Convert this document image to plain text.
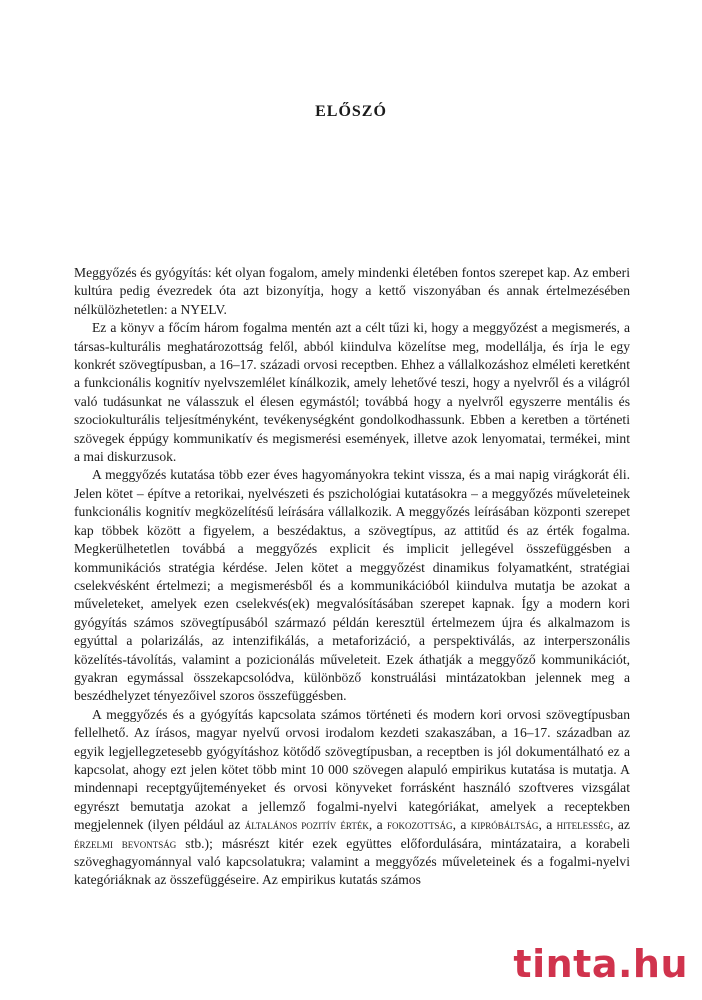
ELŐSZÓ

Meggyőzés és gyógyítás: két olyan fogalom, amely mindenki életében fontos szerepet kap. Az emberi kultúra pedig évezredek óta azt bizonyítja, hogy a kettő viszonyában és annak értelmezésében nélkülözhetetlen: a NYELV.

Ez a könyv a főcím három fogalma mentén azt a célt tűzi ki, hogy a meggyőzést a megismerés, a társas-kulturális meghatározottság felől, abból kiindulva közelítse meg, modellálja, és írja le egy konkrét szövegtípusban, a 16–17. századi orvosi receptben. Ehhez a vállalkozáshoz elméleti keretként a funkcionális kognitív nyelvszemlélet kínálkozik, amely lehetővé teszi, hogy a nyelvről és a világról való tudásunkat ne válasszuk el élesen egymástól; továbbá hogy a nyelvről egyszerre mentális és szociokulturális teljesítményként, tevékenységként gondolkodhassunk. Ebben a keretben a történeti szövegek éppúgy kommunikatív és megismerési események, illetve azok lenyomatai, termékei, mint a mai diskurzusok.

A meggyőzés kutatása több ezer éves hagyományokra tekint vissza, és a mai napig virágkorát éli. Jelen kötet – építve a retorikai, nyelvészeti és pszichológiai kutatásokra – a meggyőzés műveleteinek funkcionális kognitív megközelítésű leírására vállalkozik. A meggyőzés leírásában központi szerepet kap többek között a figyelem, a beszédaktus, a szövegtípus, az attitűd és az érték fogalma. Megkerülhetetlen továbbá a meggyőzés explicit és implicit jellegével összefüggésben a kommunikációs stratégia kérdése. Jelen kötet a meggyőzést dinamikus folyamatként, stratégiai cselekvésként értelmezi; a megismerésből és a kommunikációból kiindulva mutatja be azokat a műveleteket, amelyek ezen cselekvés(ek) megvalósításában szerepet kapnak. Így a modern kori gyógyítás számos szövegtípusából származó példán keresztül értelmezem újra és alkalmazom is egyúttal a polarizálás, az intenzifikálás, a metaforizáció, a perspektiválás, az interperszonális közelítés-távolítás, valamint a pozicionálás műveleteit. Ezek áthatják a meggyőző kommunikációt, gyakran egymással összekapcsolódva, különböző konstruálási mintázatokban jelennek meg a beszédhelyzet tényezőivel szoros összefüggésben.

A meggyőzés és a gyógyítás kapcsolata számos történeti és modern kori orvosi szövegtípusban fellelhető. Az írásos, magyar nyelvű orvosi irodalom kezdeti szakaszában, a 16–17. században az egyik legjellegzetesebb gyógyításhoz kötődő szövegtípusban, a receptben is jól dokumentálható ez a kapcsolat, ahogy ezt jelen kötet több mint 10 000 szövegen alapuló empirikus kutatása is mutatja. A mindennapi receptgyűjteményeket és orvosi könyveket forrásként használó szoftveres vizsgálat egyrészt bemutatja azokat a jellemző fogalmi-nyelvi kategóriákat, amelyek a receptekben megjelennek (ilyen például az általános pozitív érték, a fokozottság, a kipróbáltság, a hitelesség, az érzelmi bevontság stb.); másrészt kitér ezek együttes előfordulására, mintázataira, a korabeli szöveghagyománnyal való kapcsolatukra; valamint a meggyőzés műveleteinek és a fogalmi-nyelvi kategóriáknak az összefüggéseire. Az empirikus kutatás számos

tinta.hu
